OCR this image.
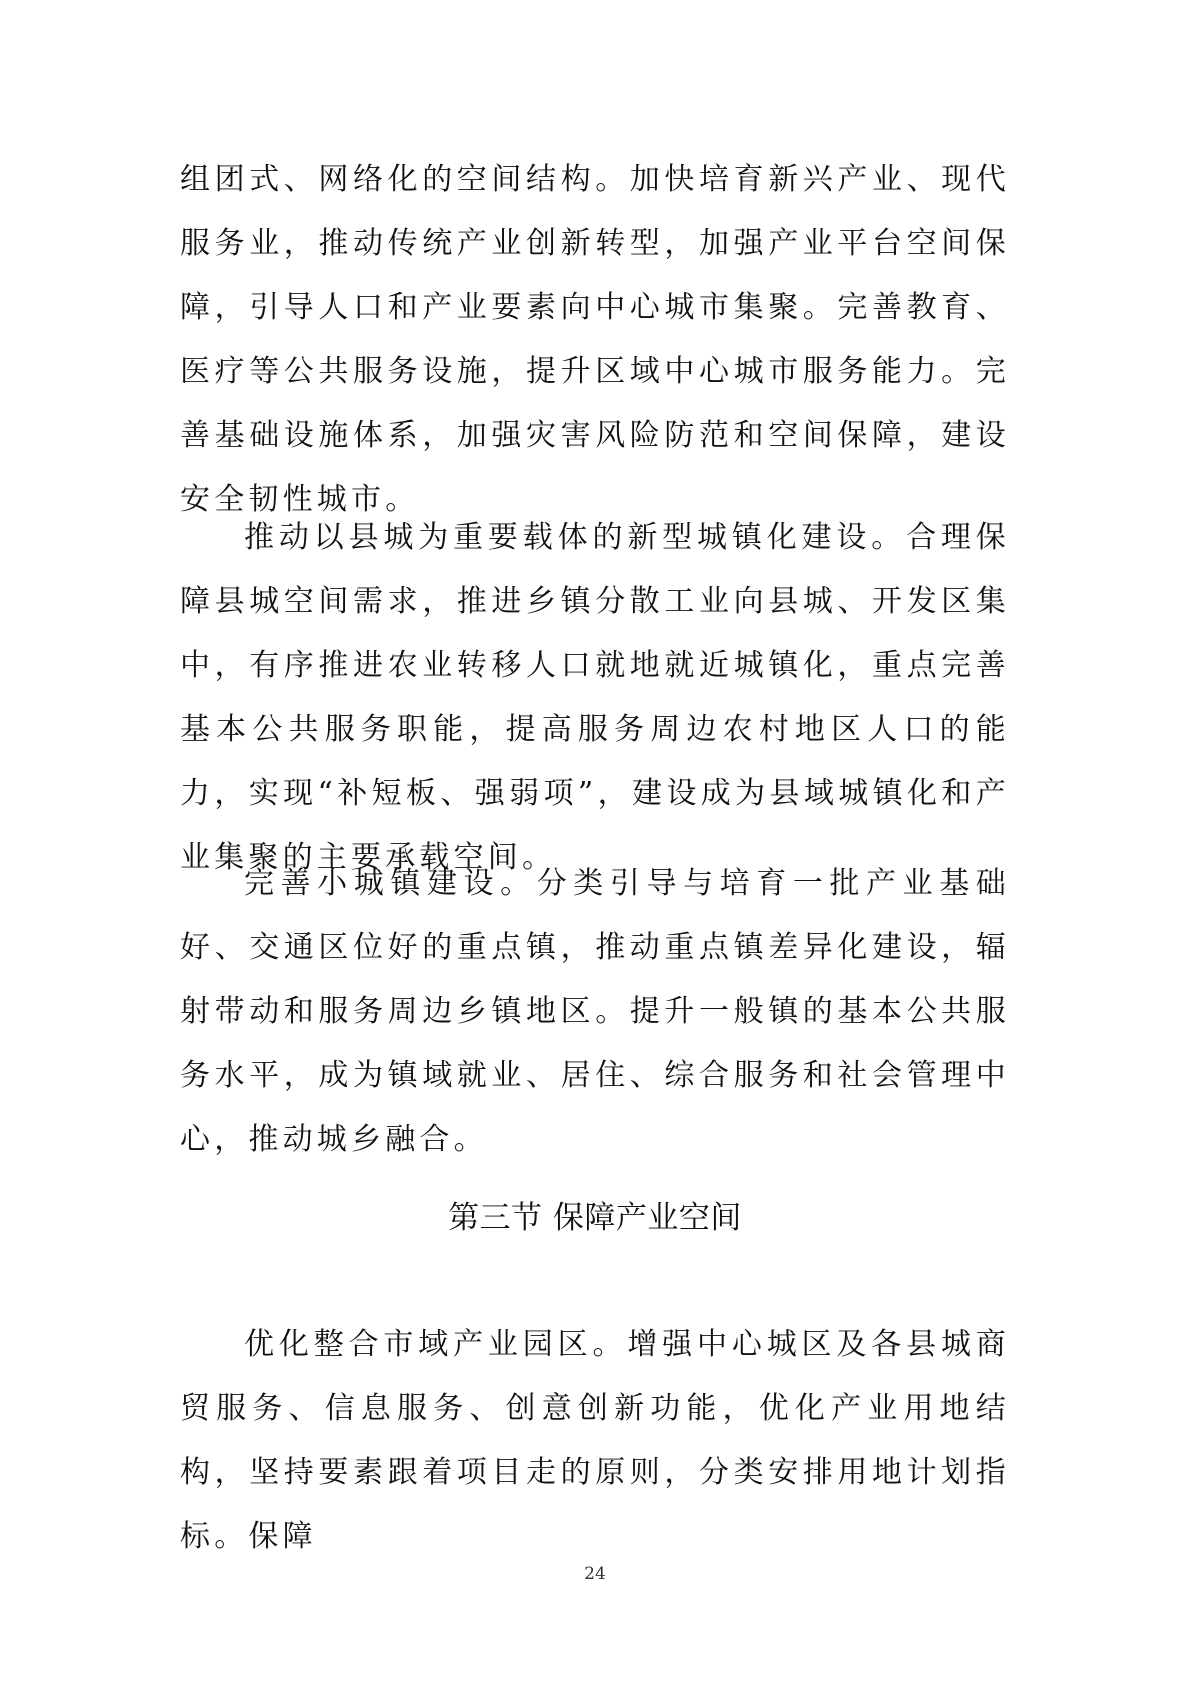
组团式、网络化的空间结构。加快培育新兴产业、现代服务业，推动传统产业创新转型，加强产业平台空间保障，引导人口和产业要素向中心城市集聚。完善教育、医疗等公共服务设施，提升区域中心城市服务能力。完善基础设施体系，加强灾害风险防范和空间保障，建设安全韧性城市。

推动以县城为重要载体的新型城镇化建设。合理保障县城空间需求，推进乡镇分散工业向县城、开发区集中，有序推进农业转移人口就地就近城镇化，重点完善基本公共服务职能，提高服务周边农村地区人口的能力，实现“补短板、强弱项”，建设成为县域城镇化和产业集聚的主要承载空间。

完善小城镇建设。分类引导与培育一批产业基础好、交通区位好的重点镇，推动重点镇差异化建设，辐射带动和服务周边乡镇地区。提升一般镇的基本公共服务水平，成为镇域就业、居住、综合服务和社会管理中心，推动城乡融合。

第三节 保障产业空间

优化整合市域产业园区。增强中心城区及各县城商贸服务、信息服务、创意创新功能，优化产业用地结构，坚持要素跟着项目走的原则，分类安排用地计划指标。保障

24
